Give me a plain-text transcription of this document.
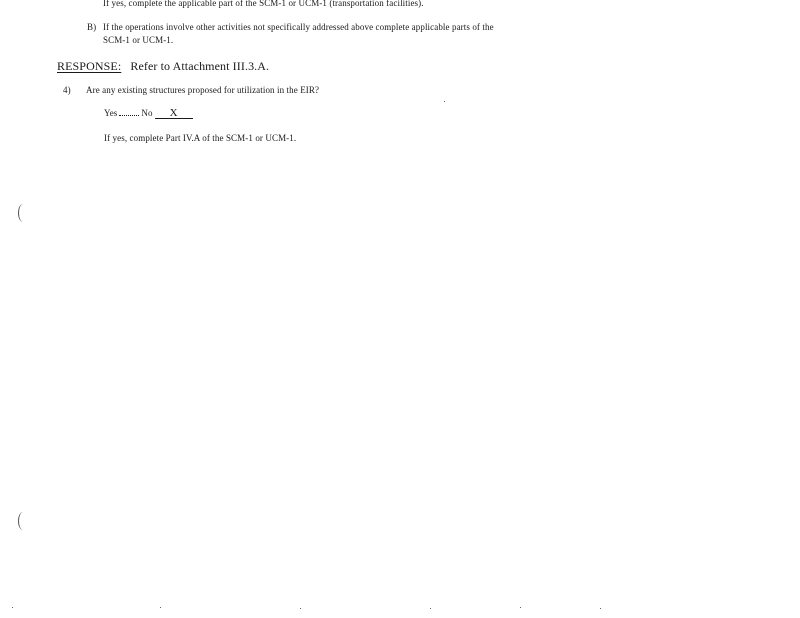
If yes, complete the applicable part of the SCM-1 or UCM-1 (transportation facilities).
B) If the operations involve other activities not specifically addressed above complete applicable parts of the
SCM-1 or UCM-1.
RESPONSE: Refer to Attachment III.3.A.
4) Are any existing structures proposed for utilization in the EIR?
Yes	No X
If yes, complete Part IV.A of the SCM-1 or UCM-1.
